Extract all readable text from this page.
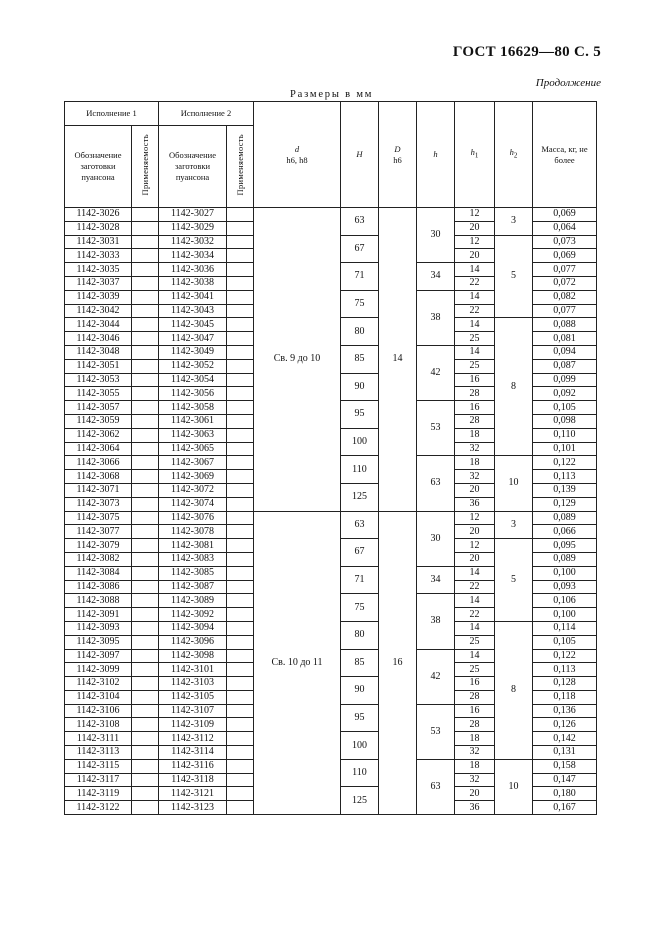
ГОСТ 16629—80 С. 5
Продолжение
Размеры в мм
Исполнение 1		Исполнение 2		d
h6, h8	H	D
h6	h	$h_1$	$h_2$	Масса, кг, не более
Обозначение заготовки пуансона	Применяемость	Обозначение заготовки пуансона	Применяемость							
1142-3026		1142-3027		Св. 9 до 10	63	14	30	12	3	0,069
1142-3028		1142-3029						20		0,064
1142-3031		1142-3032			67			12	5	0,073
1142-3033		1142-3034						20		0,069
1142-3035		1142-3036			71		34	14		0,077
1142-3037		1142-3038						22		0,072
1142-3039		1142-3041			75		38	14		0,082
1142-3042		1142-3043						22		0,077
1142-3044		1142-3045			80			14	8	0,088
1142-3046		1142-3047						25		0,081
1142-3048		1142-3049			85		42	14		0,094
1142-3051		1142-3052						25		0,087
1142-3053		1142-3054			90			16		0,099
1142-3055		1142-3056						28		0,092
1142-3057		1142-3058			95		53	16		0,105
1142-3059		1142-3061						28		0,098
1142-3062		1142-3063			100			18		0,110
1142-3064		1142-3065						32		0,101
1142-3066		1142-3067			110		63	18	10	0,122
1142-3068		1142-3069						32		0,113
1142-3071		1142-3072			125			20		0,139
1142-3073		1142-3074						36		0,129
1142-3075		1142-3076		Св. 10 до 11	63	16	30	12	3	0,089
1142-3077		1142-3078						20		0,066
1142-3079		1142-3081			67			12	5	0,095
1142-3082		1142-3083						20		0,089
1142-3084		1142-3085			71		34	14		0,100
1142-3086		1142-3087						22		0,093
1142-3088		1142-3089			75		38	14		0,106
1142-3091		1142-3092						22		0,100
1142-3093		1142-3094			80			14	8	0,114
1142-3095		1142-3096						25		0,105
1142-3097		1142-3098			85		42	14		0,122
1142-3099		1142-3101						25		0,113
1142-3102		1142-3103			90			16		0,128
1142-3104		1142-3105						28		0,118
1142-3106		1142-3107			95		53	16		0,136
1142-3108		1142-3109						28		0,126
1142-3111		1142-3112			100			18		0,142
1142-3113		1142-3114						32		0,131
1142-3115		1142-3116			110		63	18	10	0,158
1142-3117		1142-3118						32		0,147
1142-3119		1142-3121			125			20		0,180
1142-3122		1142-3123						36		0,167
